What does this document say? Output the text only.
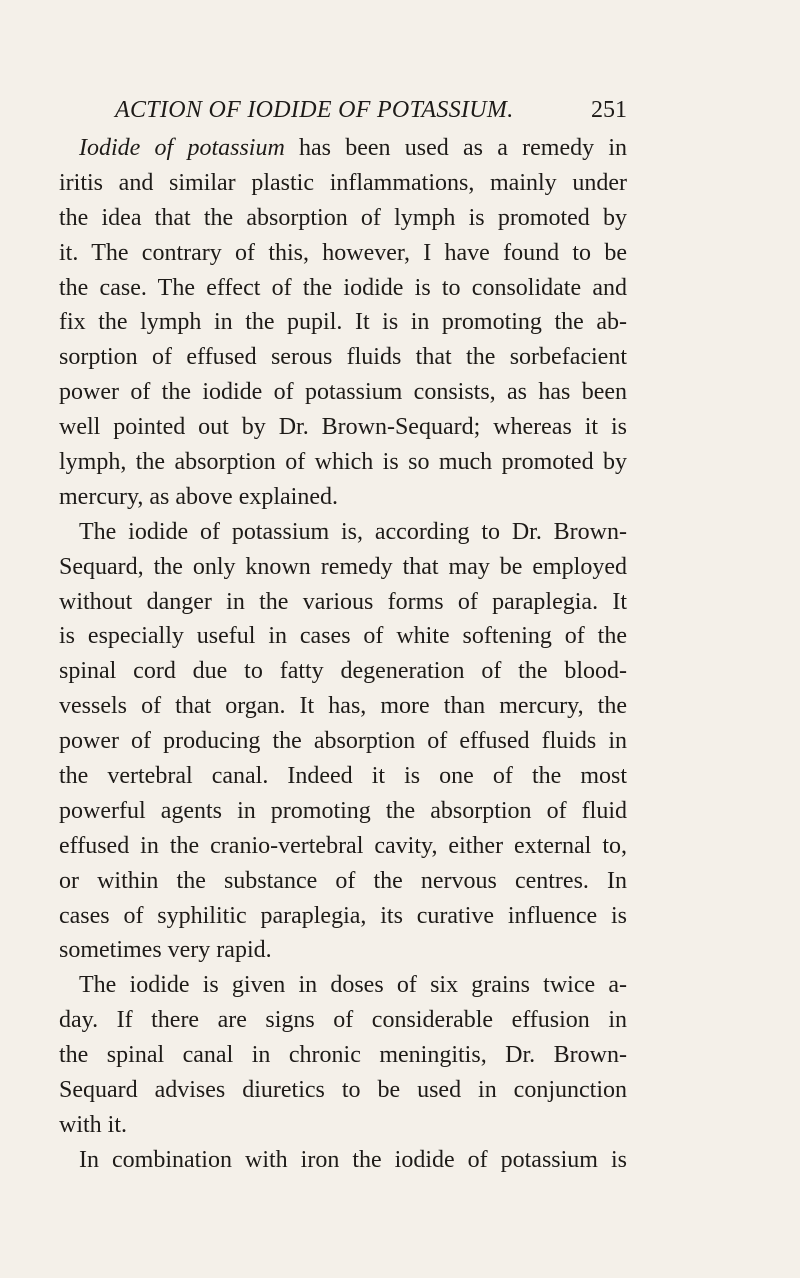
ACTION OF IODIDE OF POTASSIUM.	251
Iodide of potassium has been used as a remedy in
iritis and similar plastic inflammations, mainly under
the idea that the absorption of lymph is promoted by
it. The contrary of this, however, I have found to be
the case. The effect of the iodide is to consolidate and
fix the lymph in the pupil. It is in promoting the ab-
sorption of effused serous fluids that the sorbefacient
power of the iodide of potassium consists, as has been
well pointed out by Dr. Brown-Sequard; whereas it is
lymph, the absorption of which is so much promoted by
mercury, as above explained.
The iodide of potassium is, according to Dr. Brown-
Sequard, the only known remedy that may be employed
without danger in the various forms of paraplegia. It
is especially useful in cases of white softening of the
spinal cord due to fatty degeneration of the blood-
vessels of that organ. It has, more than mercury, the
power of producing the absorption of effused fluids in
the vertebral canal. Indeed it is one of the most
powerful agents in promoting the absorption of fluid
effused in the cranio-vertebral cavity, either external to,
or within the substance of the nervous centres. In
cases of syphilitic paraplegia, its curative influence is
sometimes very rapid.
The iodide is given in doses of six grains twice a-
day. If there are signs of considerable effusion in
the spinal canal in chronic meningitis, Dr. Brown-
Sequard advises diuretics to be used in conjunction
with it.
In combination with iron the iodide of potassium is
